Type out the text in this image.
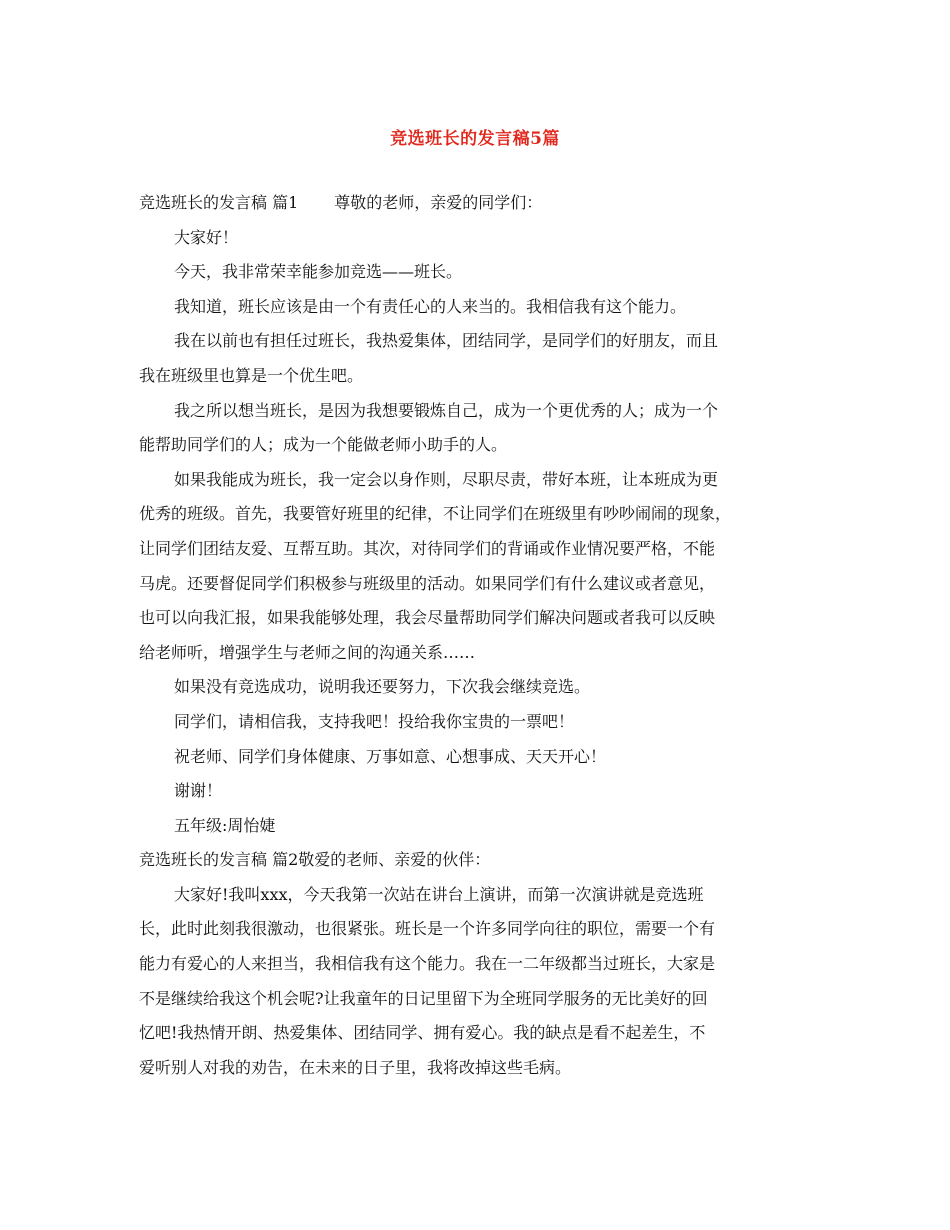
竞选班长的发言稿5篇
竞选班长的发言稿 篇1 尊敬的老师，亲爱的同学们：
大家好！
今天，我非常荣幸能参加竞选——班长。
我知道，班长应该是由一个有责任心的人来当的。我相信我有这个能力。
我在以前也有担任过班长，我热爱集体，团结同学，是同学们的好朋友，而且
我在班级里也算是一个优生吧。
我之所以想当班长，是因为我想要锻炼自己，成为一个更优秀的人；成为一个
能帮助同学们的人；成为一个能做老师小助手的人。
如果我能成为班长，我一定会以身作则，尽职尽责，带好本班，让本班成为更
优秀的班级。首先，我要管好班里的纪律，不让同学们在班级里有吵吵闹闹的现象，
让同学们团结友爱、互帮互助。其次，对待同学们的背诵或作业情况要严格，不能
马虎。还要督促同学们积极参与班级里的活动。如果同学们有什么建议或者意见，
也可以向我汇报，如果我能够处理，我会尽量帮助同学们解决问题或者我可以反映
给老师听，增强学生与老师之间的沟通关系……
如果没有竞选成功，说明我还要努力，下次我会继续竞选。
同学们，请相信我，支持我吧！投给我你宝贵的一票吧！
祝老师、同学们身体健康、万事如意、心想事成、天天开心！
谢谢！
五年级:周怡婕
竞选班长的发言稿 篇2敬爱的老师、亲爱的伙伴：
大家好!我叫xxx，今天我第一次站在讲台上演讲，而第一次演讲就是竞选班
长，此时此刻我很激动，也很紧张。班长是一个许多同学向往的职位，需要一个有
能力有爱心的人来担当，我相信我有这个能力。我在一二年级都当过班长，大家是
不是继续给我这个机会呢?让我童年的日记里留下为全班同学服务的无比美好的回
忆吧!我热情开朗、热爱集体、团结同学、拥有爱心。我的缺点是看不起差生，不
爱听别人对我的劝告，在未来的日子里，我将改掉这些毛病。
